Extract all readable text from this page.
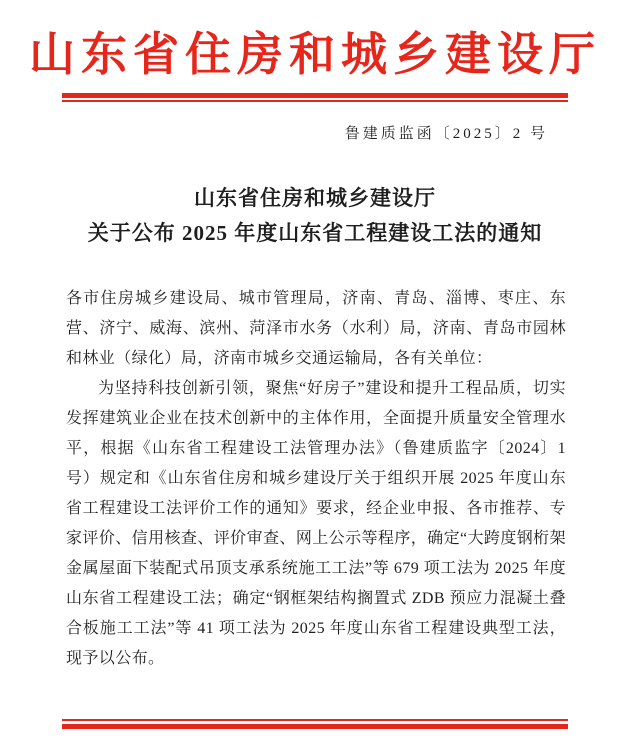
山东省住房和城乡建设厅
鲁建质监函〔2025〕2 号
山东省住房和城乡建设厅
关于公布 2025 年度山东省工程建设工法的通知

各市住房城乡建设局、城市管理局，济南、青岛、淄博、枣庄、东营、济宁、威海、滨州、菏泽市水务（水利）局，济南、青岛市园林和林业（绿化）局，济南市城乡交通运输局，各有关单位：

为坚持科技创新引领，聚焦“好房子”建设和提升工程品质，切实发挥建筑业企业在技术创新中的主体作用，全面提升质量安全管理水平，根据《山东省工程建设工法管理办法》（鲁建质监字〔2024〕1 号）规定和《山东省住房和城乡建设厅关于组织开展 2025 年度山东省工程建设工法评价工作的通知》要求，经企业申报、各市推荐、专家评价、信用核查、评价审查、网上公示等程序，确定“大跨度钢桁架金属屋面下装配式吊顶支承系统施工工法”等 679 项工法为 2025 年度山东省工程建设工法；确定“钢框架结构搁置式 ZDB 预应力混凝土叠合板施工工法”等 41 项工法为 2025 年度山东省工程建设典型工法，现予以公布。
